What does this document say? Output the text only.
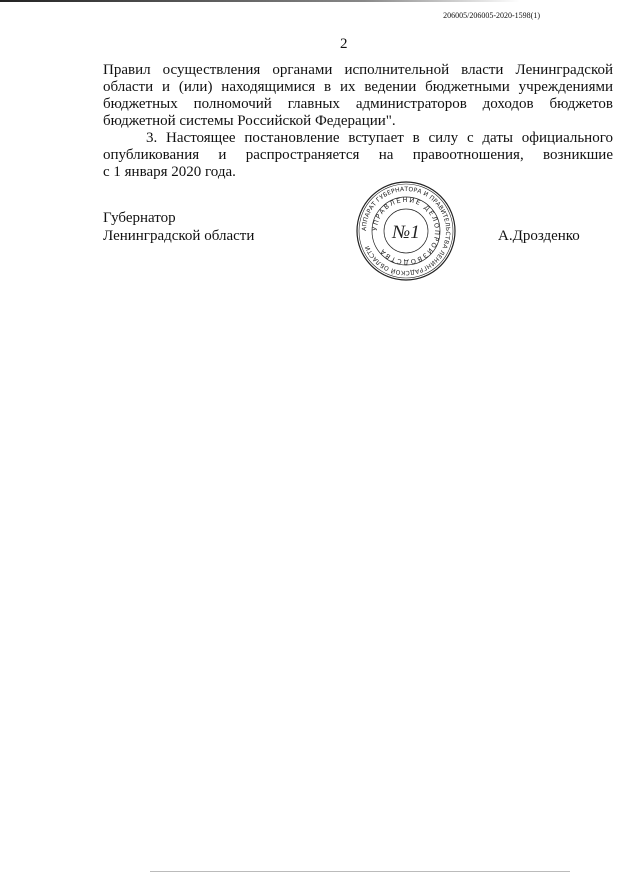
206005/206005-2020-1598(1)
2
Правил осуществления органами исполнительной власти Ленинградской
области и (или) находящимися в их ведении бюджетными учреждениями
бюджетных полномочий главных администраторов доходов бюджетов
бюджетной системы Российской Федерации".
3. Настоящее постановление вступает в силу с даты официального
опубликования и распространяется на правоотношения, возникшие
с 1 января 2020 года.
Губернатор
Ленинградской области	А.Дрозденко
АППАРАТ ГУБЕРНАТОРА И ПРАВИТЕЛЬСТВА ЛЕНИНГРАДСКОЙ ОБЛАСТИ
УПРАВЛЕНИЕ ДЕЛОПРОИЗВОДСТВА
№1
